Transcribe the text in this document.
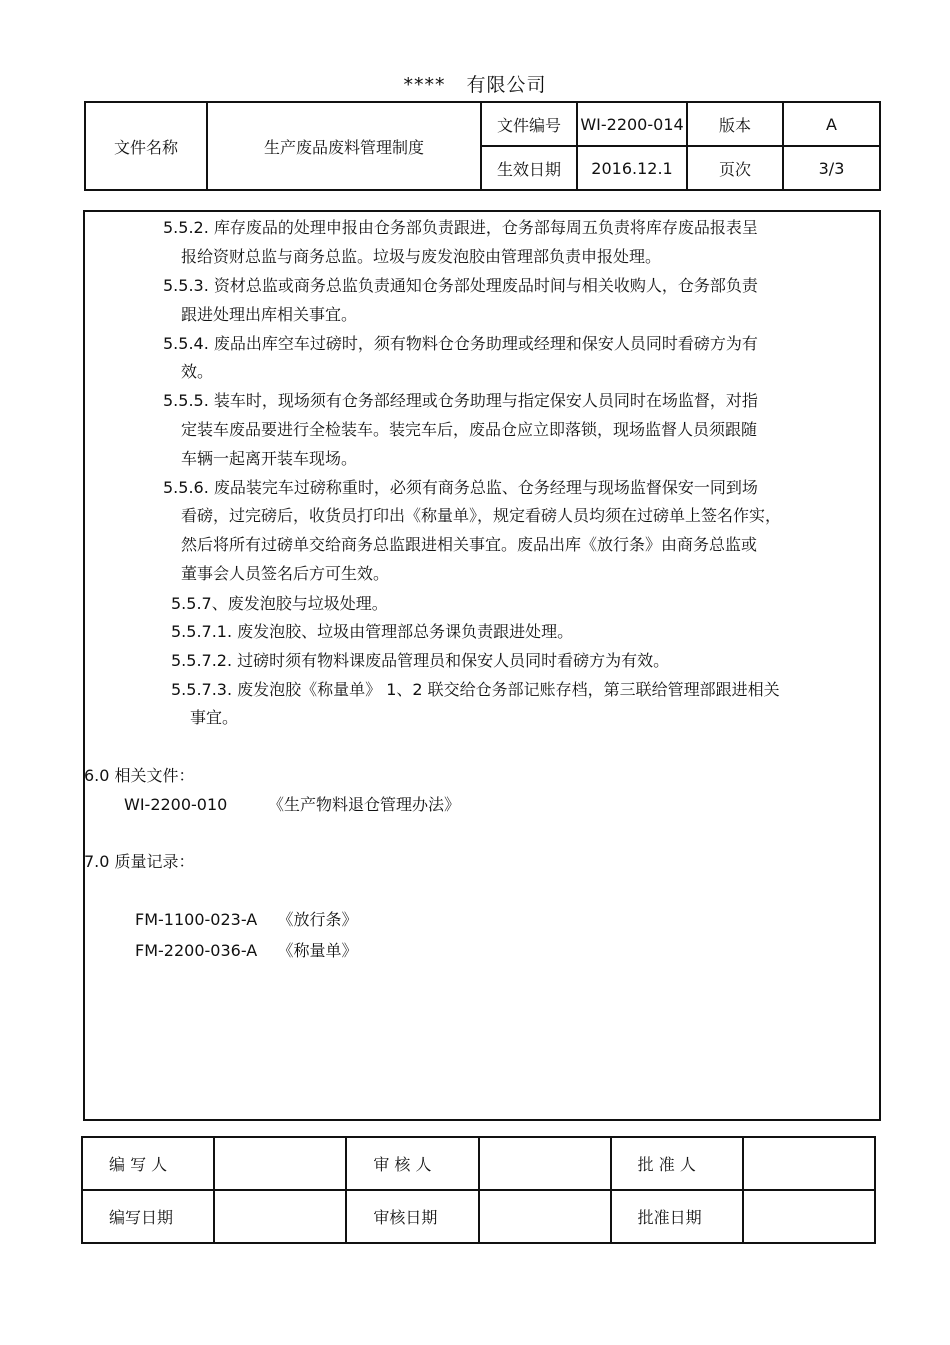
****   有限公司
文件名称	生产废品废料管理制度	文件编号	WI-2200-014	版本	A
		生效日期	2016.12.1	页次	3/3
5.5.2. 库存废品的处理申报由仓务部负责跟进，仓务部每周五负责将库存废品报表呈
报给资财总监与商务总监。垃圾与废发泡胶由管理部负责申报处理。
5.5.3. 资材总监或商务总监负责通知仓务部处理废品时间与相关收购人，仓务部负责
跟进处理出库相关事宜。
5.5.4. 废品出库空车过磅时，须有物料仓仓务助理或经理和保安人员同时看磅方为有
效。
5.5.5. 装车时，现场须有仓务部经理或仓务助理与指定保安人员同时在场监督，对指
定装车废品要进行全检装车。装完车后，废品仓应立即落锁，现场监督人员须跟随
车辆一起离开装车现场。
5.5.6. 废品装完车过磅称重时，必须有商务总监、仓务经理与现场监督保安一同到场
看磅，过完磅后，收货员打印出《称量单》，规定看磅人员均须在过磅单上签名作实，
然后将所有过磅单交给商务总监跟进相关事宜。废品出库《放行条》由商务总监或
董事会人员签名后方可生效。
5.5.7、废发泡胶与垃圾处理。
5.5.7.1. 废发泡胶、垃圾由管理部总务课负责跟进处理。
5.5.7.2. 过磅时须有物料课废品管理员和保安人员同时看磅方为有效。
5.5.7.3. 废发泡胶《称量单》 1、2 联交给仓务部记账存档，第三联给管理部跟进相关
事宜。
6.0 相关文件：
WI-2200-010        《生产物料退仓管理办法》
7.0 质量记录：
FM-1100-023-A    《放行条》
FM-2200-036-A    《称量单》
编 写 人		审 核 人		批 准 人	
编写日期		审核日期		批准日期	
